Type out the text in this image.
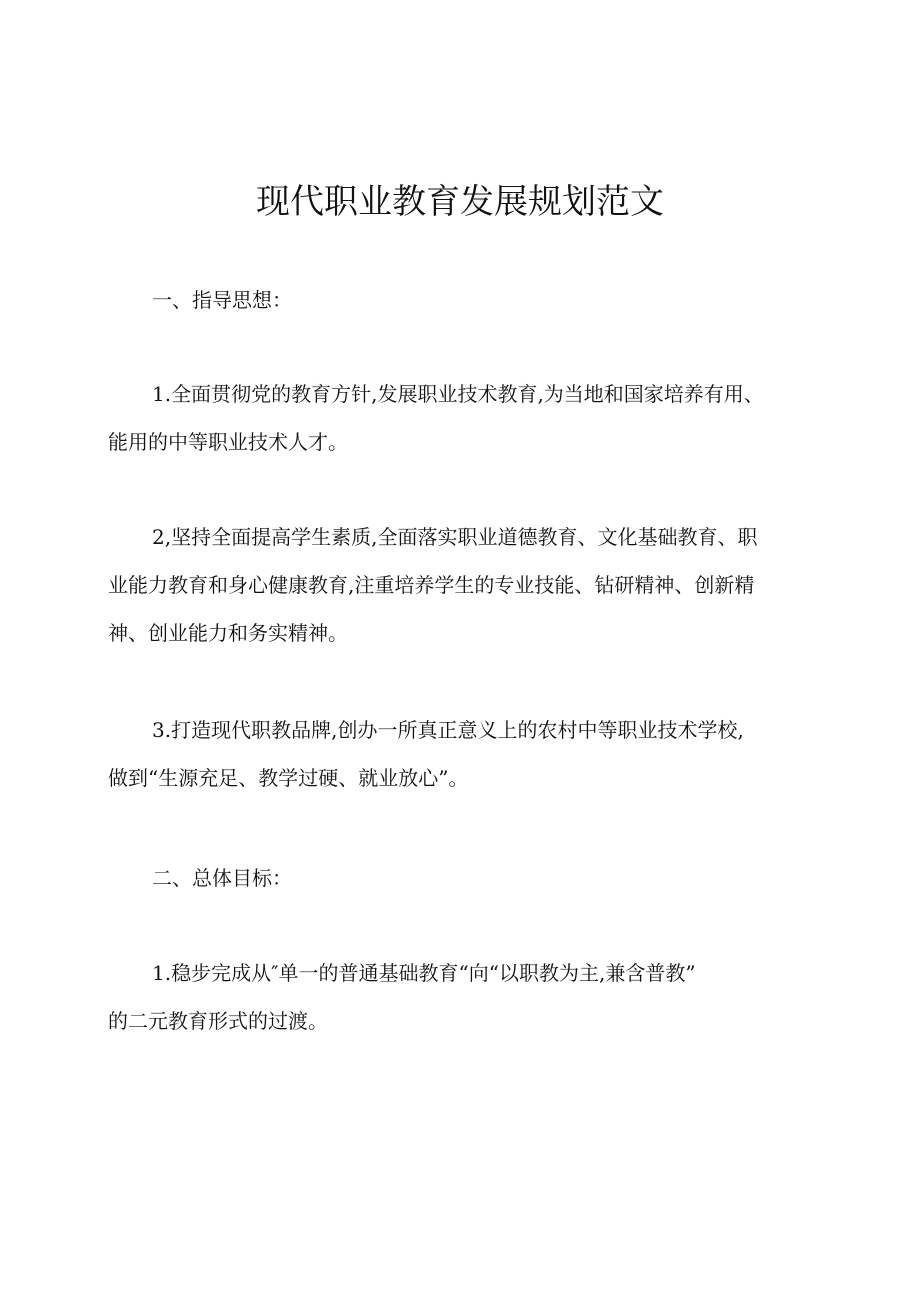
现代职业教育发展规划范文
一、指导思想：
1.全面贯彻党的教育方针,发展职业技术教育,为当地和国家培养有用、
能用的中等职业技术人才。
2,坚持全面提高学生素质,全面落实职业道德教育、文化基础教育、职
业能力教育和身心健康教育,注重培养学生的专业技能、钻研精神、创新精
神、创业能力和务实精神。
3.打造现代职教品牌,创办一所真正意义上的农村中等职业技术学校,
做到“生源充足、教学过硬、就业放心”。
二、总体目标：
1.稳步完成从″单一的普通基础教育“向“以职教为主,兼含普教”
的二元教育形式的过渡。
